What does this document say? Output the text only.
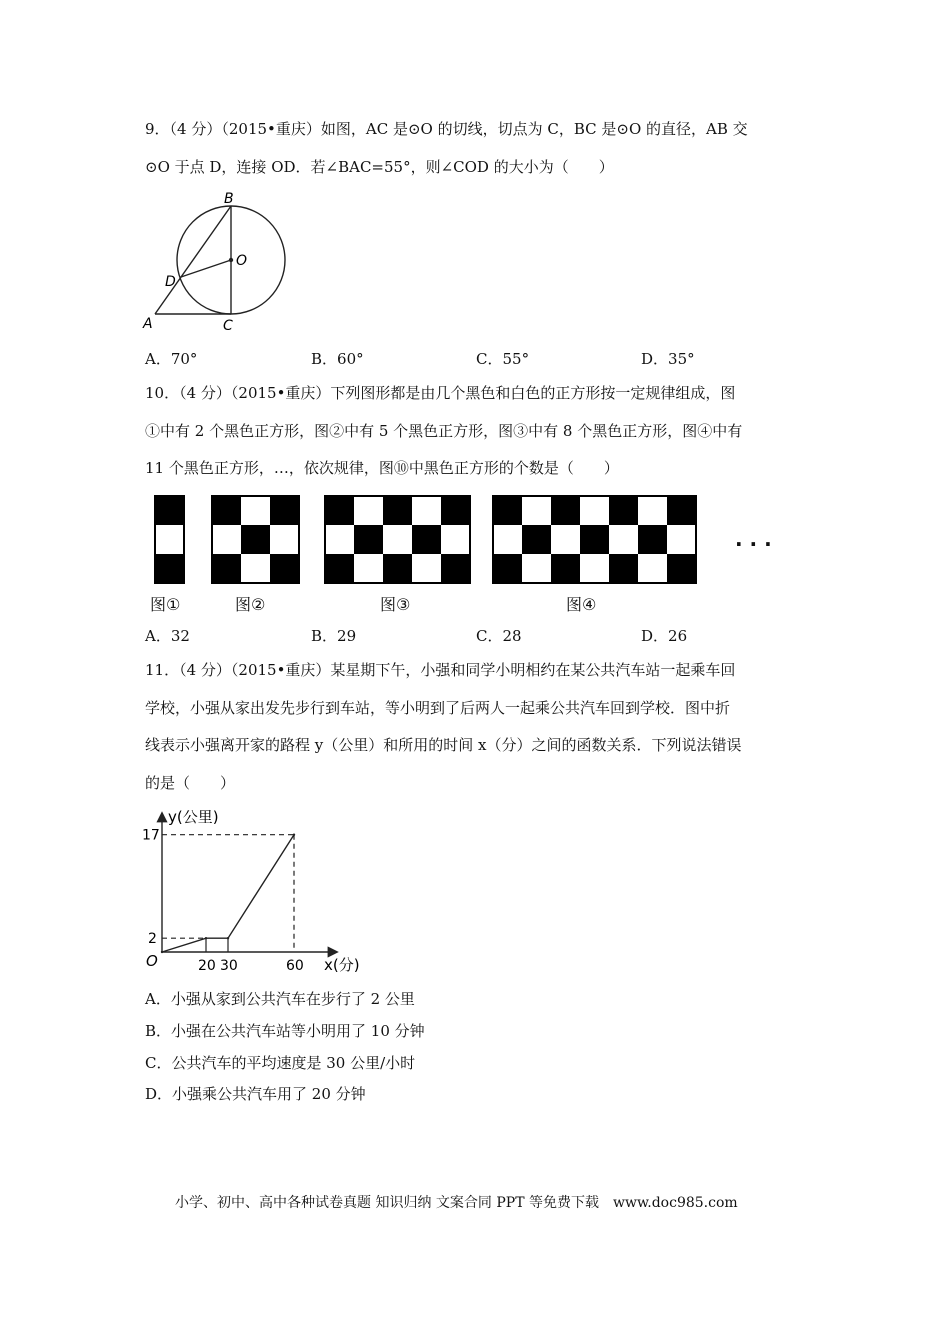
9．（4 分）（2015•重庆）如图，AC 是⊙O 的切线，切点为 C，BC 是⊙O 的直径，AB 交
⊙O 于点 D，连接 OD．若∠BAC=55°，则∠COD 的大小为（　　）
B
O
D
A	C
A．70°	B．60°	C．55°	D．35°
10．（4 分）（2015•重庆）下列图形都是由几个黑色和白色的正方形按一定规律组成，图
①中有 2 个黑色正方形，图②中有 5 个黑色正方形，图③中有 8 个黑色正方形，图④中有
11 个黑色正方形，…，依次规律，图⑩中黑色正方形的个数是（　　）
图①	图②	图③	图④
· · ·
A．32	B．29	C．28	D．26
11．（4 分）（2015•重庆）某星期下午，小强和同学小明相约在某公共汽车站一起乘车回
学校，小强从家出发先步行到车站，等小明到了后两人一起乘公共汽车回到学校．图中折
线表示小强离开家的路程 y（公里）和所用的时间 x（分）之间的函数关系．下列说法错误
的是（　　）
y(公里)
x(分)
O	20 30	60
2
17
A．小强从家到公共汽车在步行了 2 公里
B．小强在公共汽车站等小明用了 10 分钟
C．公共汽车的平均速度是 30 公里/小时
D．小强乘公共汽车用了 20 分钟
小学、初中、高中各种试卷真题 知识归纳 文案合同 PPT 等免费下载　www.doc985.com
